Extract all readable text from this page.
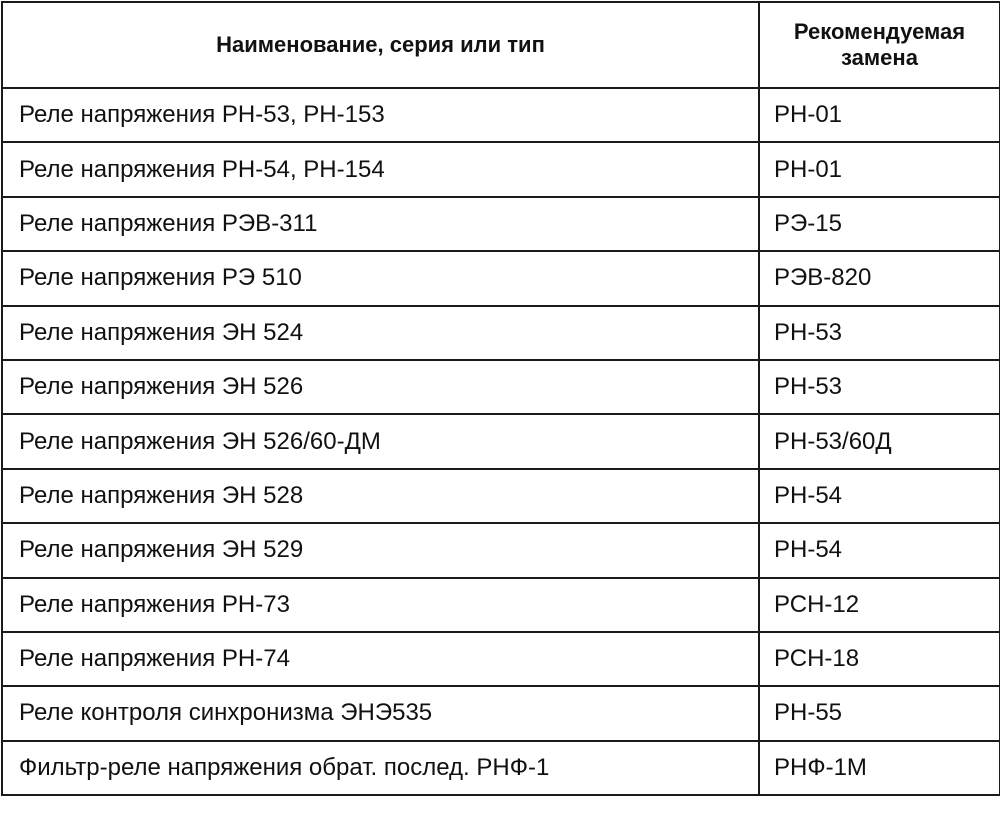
Наименование, серия или тип	Рекомендуемая замена
Реле напряжения РН-53, РН-153	РН-01
Реле напряжения РН-54, РН-154	РН-01
Реле напряжения РЭВ-311	РЭ-15
Реле напряжения РЭ 510	РЭВ-820
Реле напряжения ЭН 524	РН-53
Реле напряжения ЭН 526	РН-53
Реле напряжения ЭН 526/60-ДМ	РН-53/60Д
Реле напряжения ЭН 528	РН-54
Реле напряжения ЭН 529	РН-54
Реле напряжения РН-73	РСН-12
Реле напряжения РН-74	РСН-18
Реле контроля синхронизма ЭНЭ535	РН-55
Фильтр-реле напряжения обрат. послед. РНФ-1	РНФ-1М
